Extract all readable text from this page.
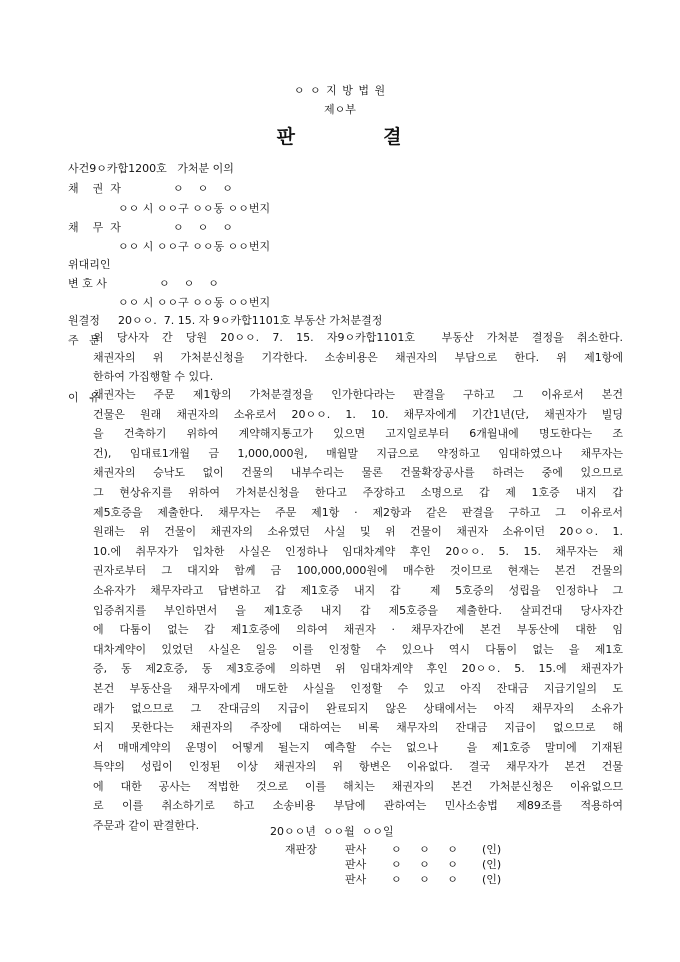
ㅇ ㅇ 지 방 법 원
제ㅇ부
판          결
사건9ㅇ카합1200호   가처분 이의
채    권  자	ㅇ    ㅇ    ㅇ
ㅇㅇ 시 ㅇㅇ구 ㅇㅇ동 ㅇㅇ번지
채    무  자	ㅇ    ㅇ    ㅇ
ㅇㅇ 시 ㅇㅇ구 ㅇㅇ동 ㅇㅇ번지
위대리인
변 호 사	ㅇ    ㅇ    ㅇ
ㅇㅇ 시 ㅇㅇ구 ㅇㅇ동 ㅇㅇ번지
원결정 20ㅇㅇ.  7. 15. 자 9ㅇ카합1101호 부동산 가처분결정
주   문
위 당사자 간 당원 20ㅇㅇ. 7. 15. 자9ㅇ카합1101호  부동산 가처분 결정을 취소한다.
채권자의 위 가처분신청을 기각한다. 소송비용은 채권자의 부담으로 한다. 위 제1항에
한하여 가집행할 수 있다.
이   유
채권자는 주문 제1항의 가처분결정을 인가한다라는 판결을 구하고 그 이유로서 본건
건물은 원래 채권자의 소유로서 20ㅇㅇ. 1. 10. 채무자에게 기간1년(단, 채권자가 빌딩
을 건축하기 위하여 계약해지통고가 있으면 고지일로부터 6개월내에 명도한다는 조
건), 임대료1개월 금 1,000,000원, 매월말 지급으로 약정하고 임대하였으나 채무자는
채권자의 승낙도 없이 건물의 내부수리는 물론 건물확장공사를 하려는 중에 있으므로
그 현상유지를 위하여 가처분신청을 한다고 주장하고 소명으로 갑 제 1호증 내지 갑
제5호증을 제출한다. 채무자는 주문 제1항 · 제2항과 같은 판결을 구하고 그 이유로서
원래는 위 건물이 채권자의 소유였던 사실 및 위 건물이 채권자 소유이던 20ㅇㅇ. 1.
10.에 취무자가 입차한 사실은 인정하나 임대차계약 후인 20ㅇㅇ. 5. 15. 채무자는 채
권자로부터 그 대지와 함께 금 100,000,000원에 매수한 것이므로 현재는 본건 건물의
소유자가 채무자라고 답변하고 갑 제1호증 내지 갑  제 5호증의 성립을 인정하나 그
입증취지를 부인하면서 을 제1호증 내지 갑 제5호증을 제출한다. 살피건대 당사자간
에 다툼이 없는 갑 제1호증에 의하여 채권자 · 채무자간에 본건 부동산에 대한 임
대차계약이 있었던 사실은 일응 이를 인정할 수 있으나 역시 다툼이 없는 을 제1호
증, 동 제2호증, 동 제3호증에 의하면 위 임대차계약 후인 20ㅇㅇ. 5. 15.에 채권자가
본건 부동산을 채무자에게 매도한 사실을 인정할 수 있고 아직 잔대금 지급기일의 도
래가 없으므로 그 잔대금의 지급이 완료되지 않은 상태에서는 아직 채무자의 소유가
되지 못한다는 채권자의 주장에 대하여는 비록 채무자의 잔대금 지급이 없으므로 해
서 매매계약의 운명이 어떻게 될는지 예측할 수는 없으나  을 제1호증 말미에 기재된
특약의 성립이 인정된 이상 채권자의 위 항변은 이유없다. 결국 채무자가 본건 건물
에 대한 공사는 적법한 것으로 이를 해치는 채권자의 본건 가처분신청은 이유없으므
로 이를 취소하기로 하고 소송비용 부담에 관하여는 민사소송법 제89조를 적용하여
주문과 같이 판결한다.	20ㅇㅇ년  ㅇㅇ월  ㅇㅇ일
재판장	판사 ㅇ     ㅇ     ㅇ (인)
판사 ㅇ     ㅇ     ㅇ (인)
판사 ㅇ     ㅇ     ㅇ (인)
